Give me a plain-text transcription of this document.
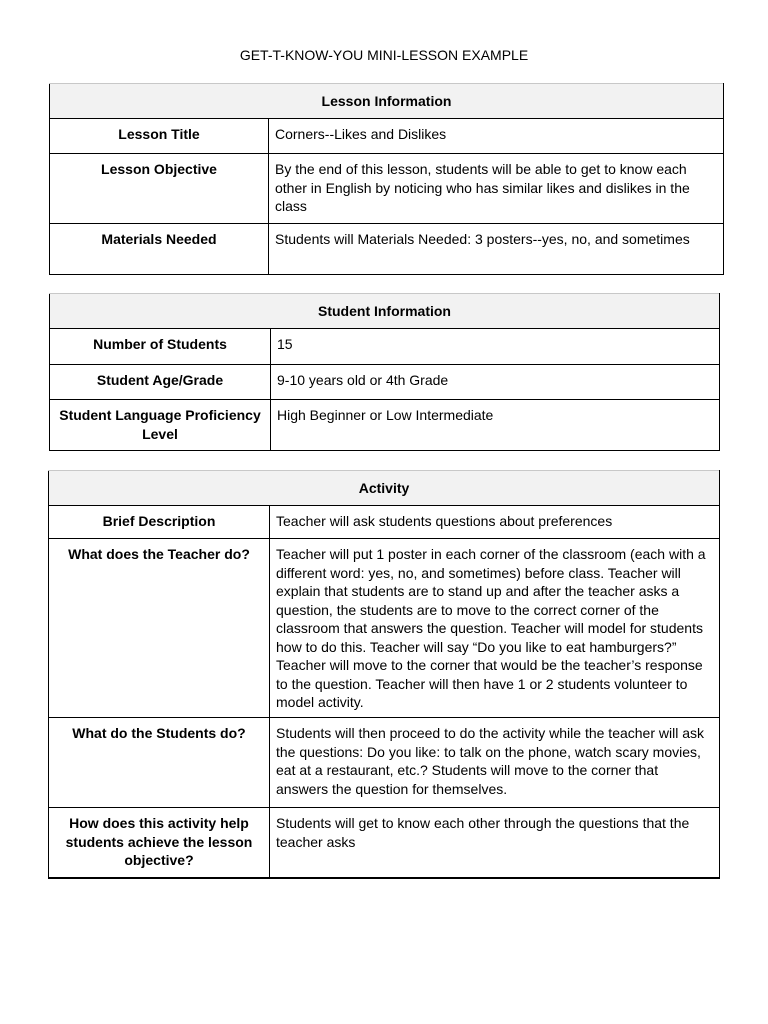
GET-T-KNOW-YOU MINI-LESSON EXAMPLE
Lesson Information	
Lesson Title	Corners--Likes and Dislikes
Lesson Objective	By the end of this lesson, students will be able to get to know each other in English by noticing who has similar likes and dislikes in the class
Materials Needed	Students will Materials Needed: 3 posters--yes, no, and sometimes
Student Information	
Number of Students	15
Student Age/Grade	9-10 years old or 4th Grade
Student Language Proficiency Level	High Beginner or Low Intermediate
Activity	
Brief Description	Teacher will ask students questions about preferences
What does the Teacher do?	Teacher will put 1 poster in each corner of the classroom (each with a different word: yes, no, and sometimes) before class. Teacher will explain that students are to stand up and after the teacher asks a question, the students are to move to the correct corner of the classroom that answers the question. Teacher will model for students how to do this. Teacher will say “Do you like to eat hamburgers?” Teacher will move to the corner that would be the teacher’s response to the question. Teacher will then have 1 or 2 students volunteer to model activity.
What do the Students do?	Students will then proceed to do the activity while the teacher will ask the questions: Do you like: to talk on the phone, watch scary movies, eat at a restaurant, etc.? Students will move to the corner that answers the question for themselves.
How does this activity help students achieve the lesson objective?	Students will get to know each other through the questions that the teacher asks
